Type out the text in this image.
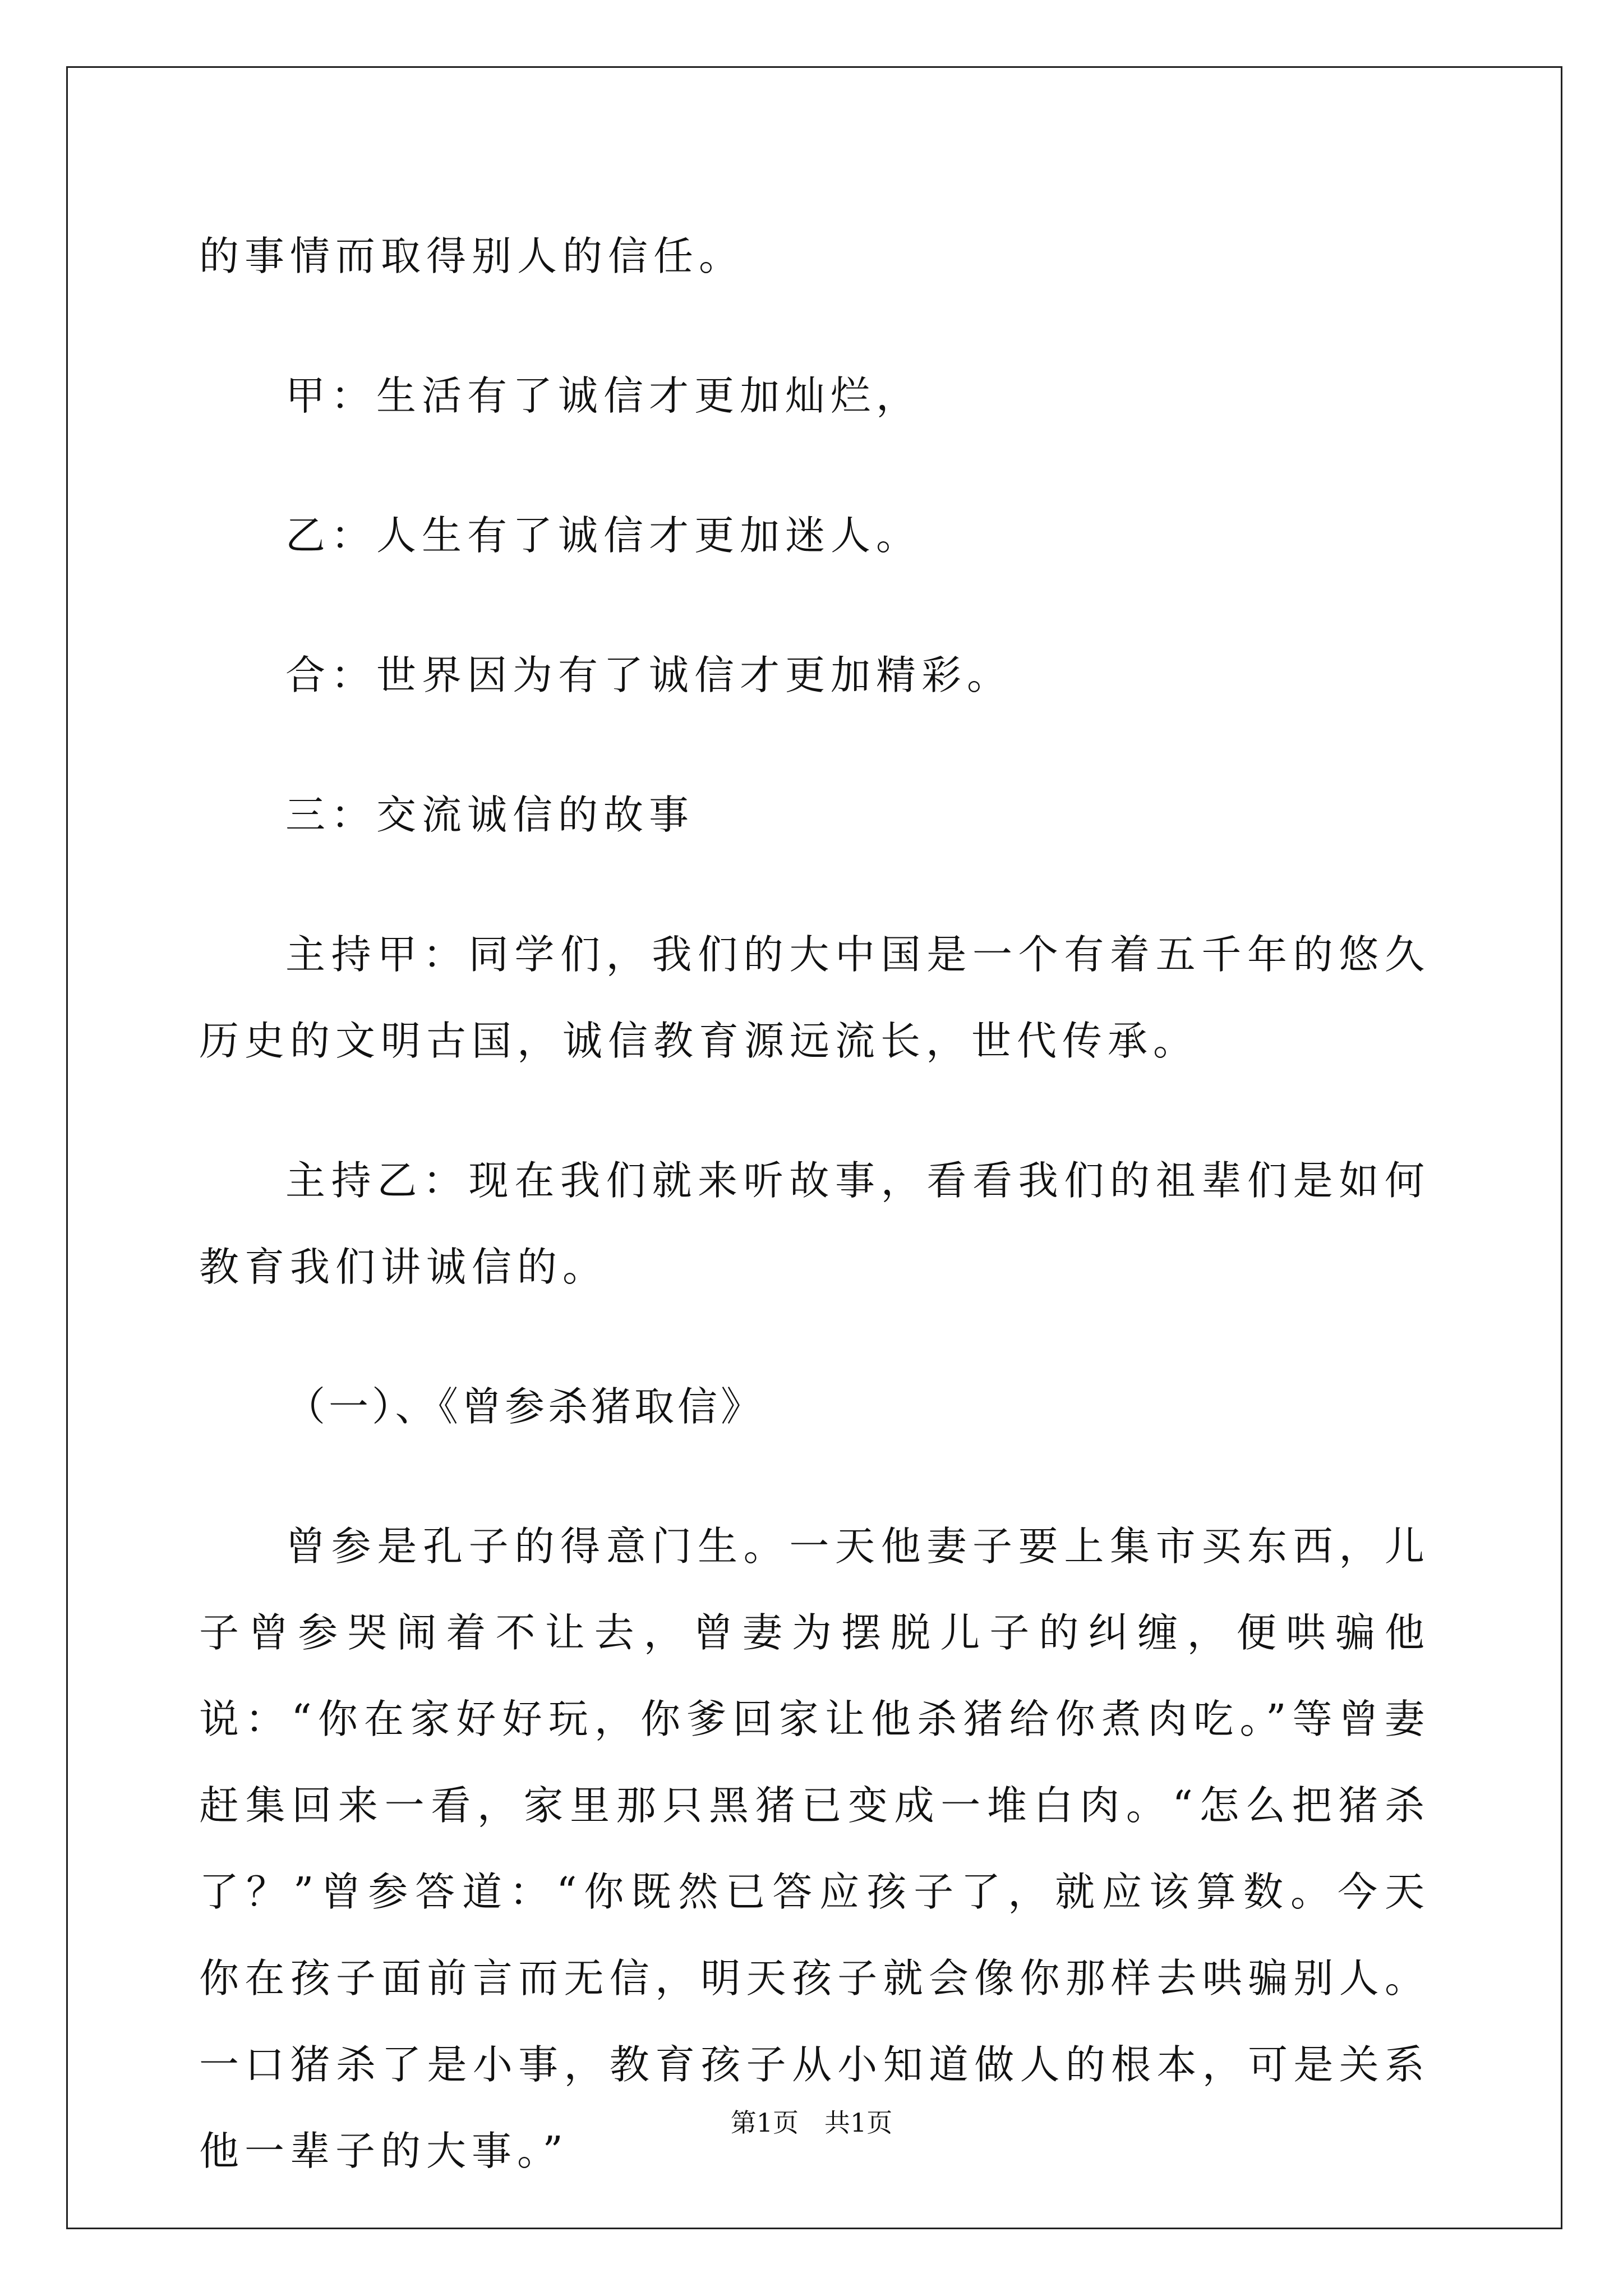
的事情而取得别人的信任。

甲：生活有了诚信才更加灿烂，

乙：人生有了诚信才更加迷人。

合：世界因为有了诚信才更加精彩。

三：交流诚信的故事

主持甲：同学们，我们的大中国是一个有着五千年的悠久历史的文明古国，诚信教育源远流长，世代传承。

主持乙：现在我们就来听故事，看看我们的祖辈们是如何教育我们讲诚信的。

（一）、《曾参杀猪取信》

曾参是孔子的得意门生。一天他妻子要上集市买东西，儿子曾参哭闹着不让去，曾妻为摆脱儿子的纠缠，便哄骗他说：“你在家好好玩，你爹回家让他杀猪给你煮肉吃。”等曾妻赶集回来一看，家里那只黑猪已变成一堆白肉。“怎么把猪杀了？”曾参答道：“你既然已答应孩子了，就应该算数。今天你在孩子面前言而无信，明天孩子就会像你那样去哄骗别人。一口猪杀了是小事，教育孩子从小知道做人的根本，可是关系他一辈子的大事。”

第1页 共1页
